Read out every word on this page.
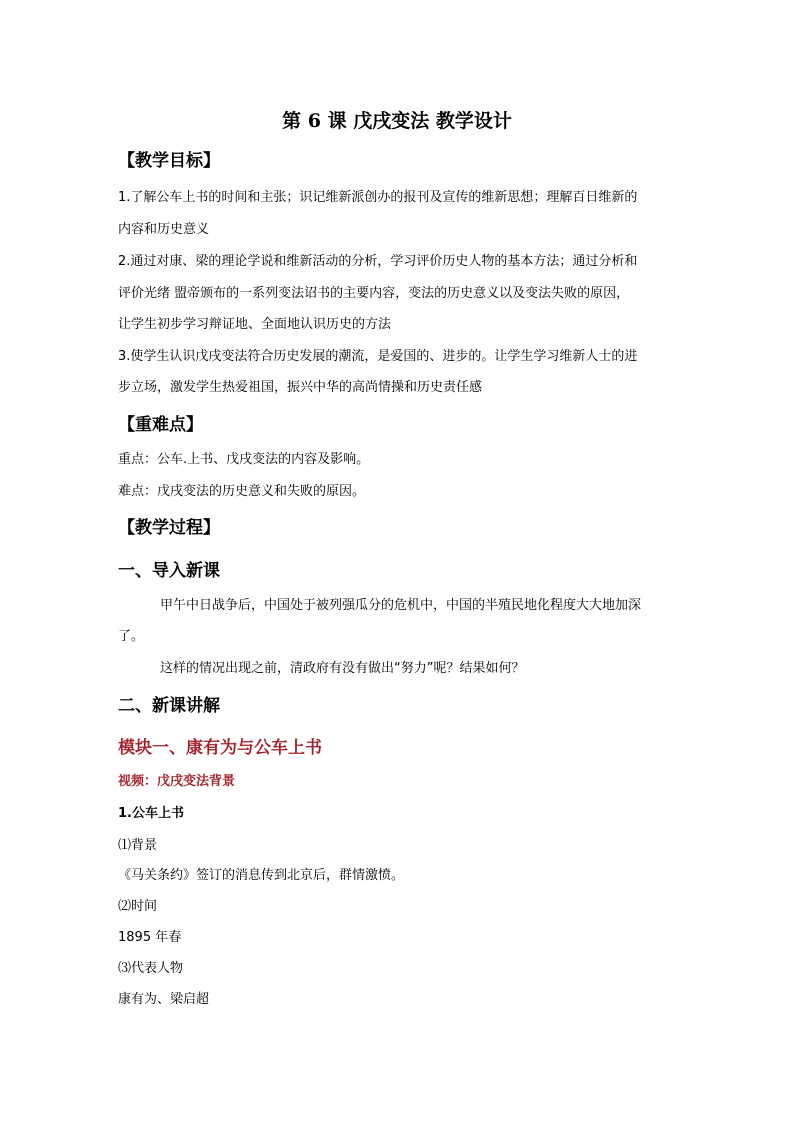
第 6 课 戊戌变法 教学设计
【教学目标】
1.了解公车上书的时间和主张；识记维新派创办的报刊及宣传的维新思想；理解百日维新的
内容和历史意义
2.通过对康、梁的理论学说和维新活动的分析，学习评价历史人物的基本方法；通过分析和
评价光绪 盟帝颁布的一系列变法诏书的主要内容，变法的历史意义以及变法失败的原因，
让学生初步学习辩证地、全面地认识历史的方法
3.使学生认识戊戌变法符合历史发展的潮流，是爱国的、进步的。让学生学习维新人士的进
步立场，激发学生热爱祖国，振兴中华的高尚情操和历史责任感
【重难点】
重点：公车.上书、戊戌变法的内容及影响。
难点：戊戌变法的历史意义和失败的原因。
【教学过程】
一、导入新课
甲午中日战争后，中国处于被列强瓜分的危机中，中国的半殖民地化程度大大地加深
了。
这样的情况出现之前，清政府有没有做出“努力”呢？结果如何？
二、新课讲解
模块一、康有为与公车上书
视频：戊戌变法背景
1.公车上书
⑴背景
《马关条约》签订的消息传到北京后，群情激愤。
⑵时间
1895 年春
⑶代表人物
康有为、梁启超
